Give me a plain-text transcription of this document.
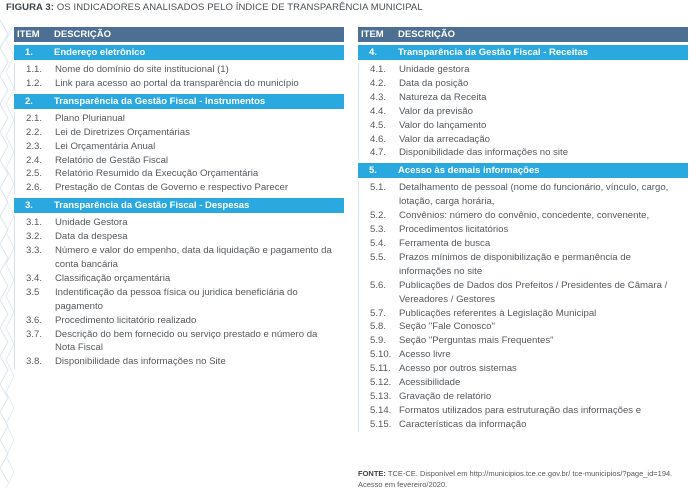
FIGURA 3: OS INDICADORES ANALISADOS PELO ÍNDICE DE TRANSPARÊNCIA MUNICIPAL
ITEM	DESCRIÇÃO
1.	Endereço eletrônico
1.1.	Nome do domínio do site institucional (1)
1.2.	Link para acesso ao portal da transparência do município
2.	Transparência da Gestão Fiscal - Instrumentos
2.1.	Plano Plurianual
2.2.	Lei de Diretrizes Orçamentárias
2.3.	Lei Orçamentária Anual
2.4.	Relatório de Gestão Fiscal
2.5.	Relatório Resumido da Execução Orçamentária
2.6.	Prestação de Contas de Governo e respectivo Parecer
3.	Transparência da Gestão Fiscal - Despesas
3.1.	Unidade Gestora
3.2.	Data da despesa
3.3.	Número e valor do empenho, data da liquidação e pagamento da conta bancária
3.4.	Classificação orçamentária
3.5	Indentificação da pessoa física ou juridica beneficiária do pagamento
3.6.	Procedimento licitatório realizado
3.7.	Descrição do bem fornecido ou serviço prestado e número da Nota Fiscal
3.8.	Disponibilidade das informações no Site
ITEM	DESCRIÇÃO
4.	Transparência da Gestão Fiscal - Receitas
4.1.	Unidade gestora
4.2.	Data da posição
4.3.	Natureza da Receita
4.4.	Valor da previsão
4.5.	Valor do lançamento
4.6.	Valor da arrecadação
4.7.	Disponibilidade das informações no site
5.	Acesso às demais informações
5.1.	Detalhamento de pessoal (nome do funcionário, vínculo, cargo, lotação, carga horária,
5.2.	Convênios: número do convênio, concedente, convenente,
5.3.	Procedimentos licitatórios
5.4.	Ferramenta de busca
5.5.	Prazos mínimos de disponibilização e permanência de informações no site
5.6.	Publicações de Dados dos Prefeitos / Presidentes de Câmara / Vereadores / Gestores
5.7.	Publicações referentes à Legislação Municipal
5.8.	Seção "Fale Conosco"
5.9.	Seção "Perguntas mais Frequentes"
5.10. Acesso livre
5.11. Acesso por outros sistemas
5.12. Acessibilidade
5.13. Gravação de relatório
5.14. Formatos utilizados para estruturação das informações e
5.15. Características da informação
FONTE: TCE-CE. Disponível em http://municipios.tce.ce.gov.br/ tce-municipios/?page_id=194. Acesso em fevereiro/2020.
